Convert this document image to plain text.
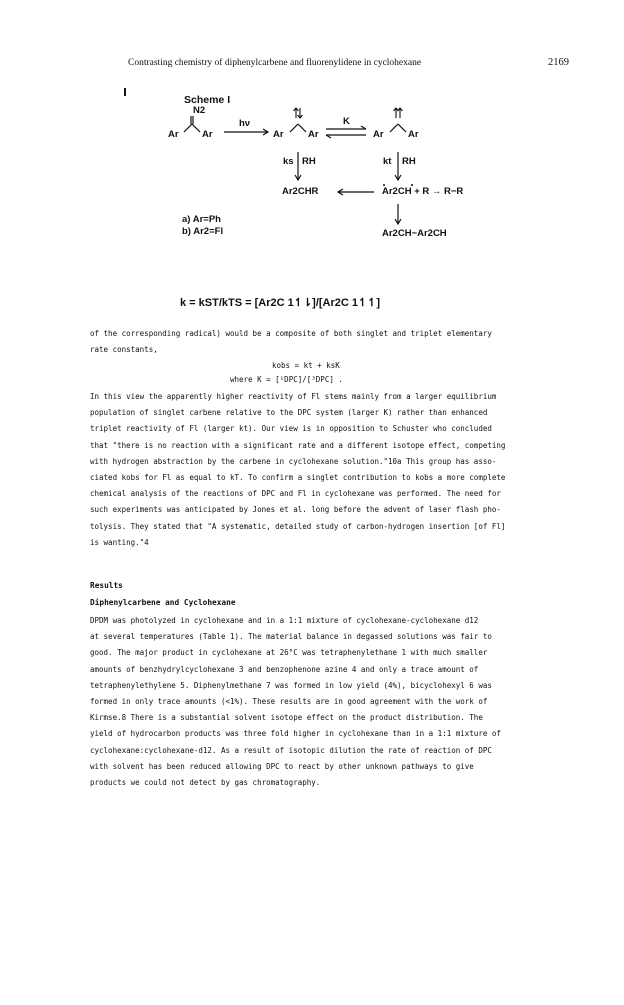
Contrasting chemistry of diphenylcarbene and fluorenylidene in cyclohexane	2169
Scheme I
N2
Ar Ar
hν
Ar	Ar
K
Ar	Ar
ks RH	kt RH
Ar2CHR	Ar2CH + R → R−R
Ar2CH−Ar2CH
a) Ar=Ph
b) Ar2=Fl
k = kST/kTS = [Ar2C 1↿⇂]/[Ar2C 1↿↿]
of the corresponding radical) would be a composite of both singlet and triplet elementary
rate constants,
kobs = kt + ksK
where K = [¹DPC]/[³DPC] .
In this view the apparently higher reactivity of Fl stems mainly from a larger equilibrium
population of singlet carbene relative to the DPC system (larger K) rather than enhanced
triplet reactivity of Fl (larger kt). Our view is in opposition to Schuster who concluded
that "there is no reaction with a significant rate and a different isotope effect, competing
with hydrogen abstraction by the carbene in cyclohexane solution."10a This group has asso-
ciated kobs for Fl as equal to kT. To confirm a singlet contribution to kobs a more complete
chemical analysis of the reactions of DPC and Fl in cyclohexane was performed. The need for
such experiments was anticipated by Jones et al. long before the advent of laser flash pho-
tolysis. They stated that "A systematic, detailed study of carbon-hydrogen insertion [of Fl]
is wanting."4
Results
Diphenylcarbene and Cyclohexane
DPDM was photolyzed in cyclohexane and in a 1:1 mixture of cyclohexane-cyclohexane d12
at several temperatures (Table 1). The material balance in degassed solutions was fair to
good. The major product in cyclohexane at 26°C was tetraphenylethane 1 with much smaller
amounts of benzhydrylcyclohexane 3 and benzophenone azine 4 and only a trace amount of
tetraphenylethylene 5. Diphenylmethane 7 was formed in low yield (4%), bicyclohexyl 6 was
formed in only trace amounts (<1%). These results are in good agreement with the work of
Kirmse.8 There is a substantial solvent isotope effect on the product distribution. The
yield of hydrocarbon products was three fold higher in cyclohexane than in a 1:1 mixture of
cyclohexane:cyclohexane-d12. As a result of isotopic dilution the rate of reaction of DPC
with solvent has been reduced allowing DPC to react by other unknown pathways to give
products we could not detect by gas chromatography.
